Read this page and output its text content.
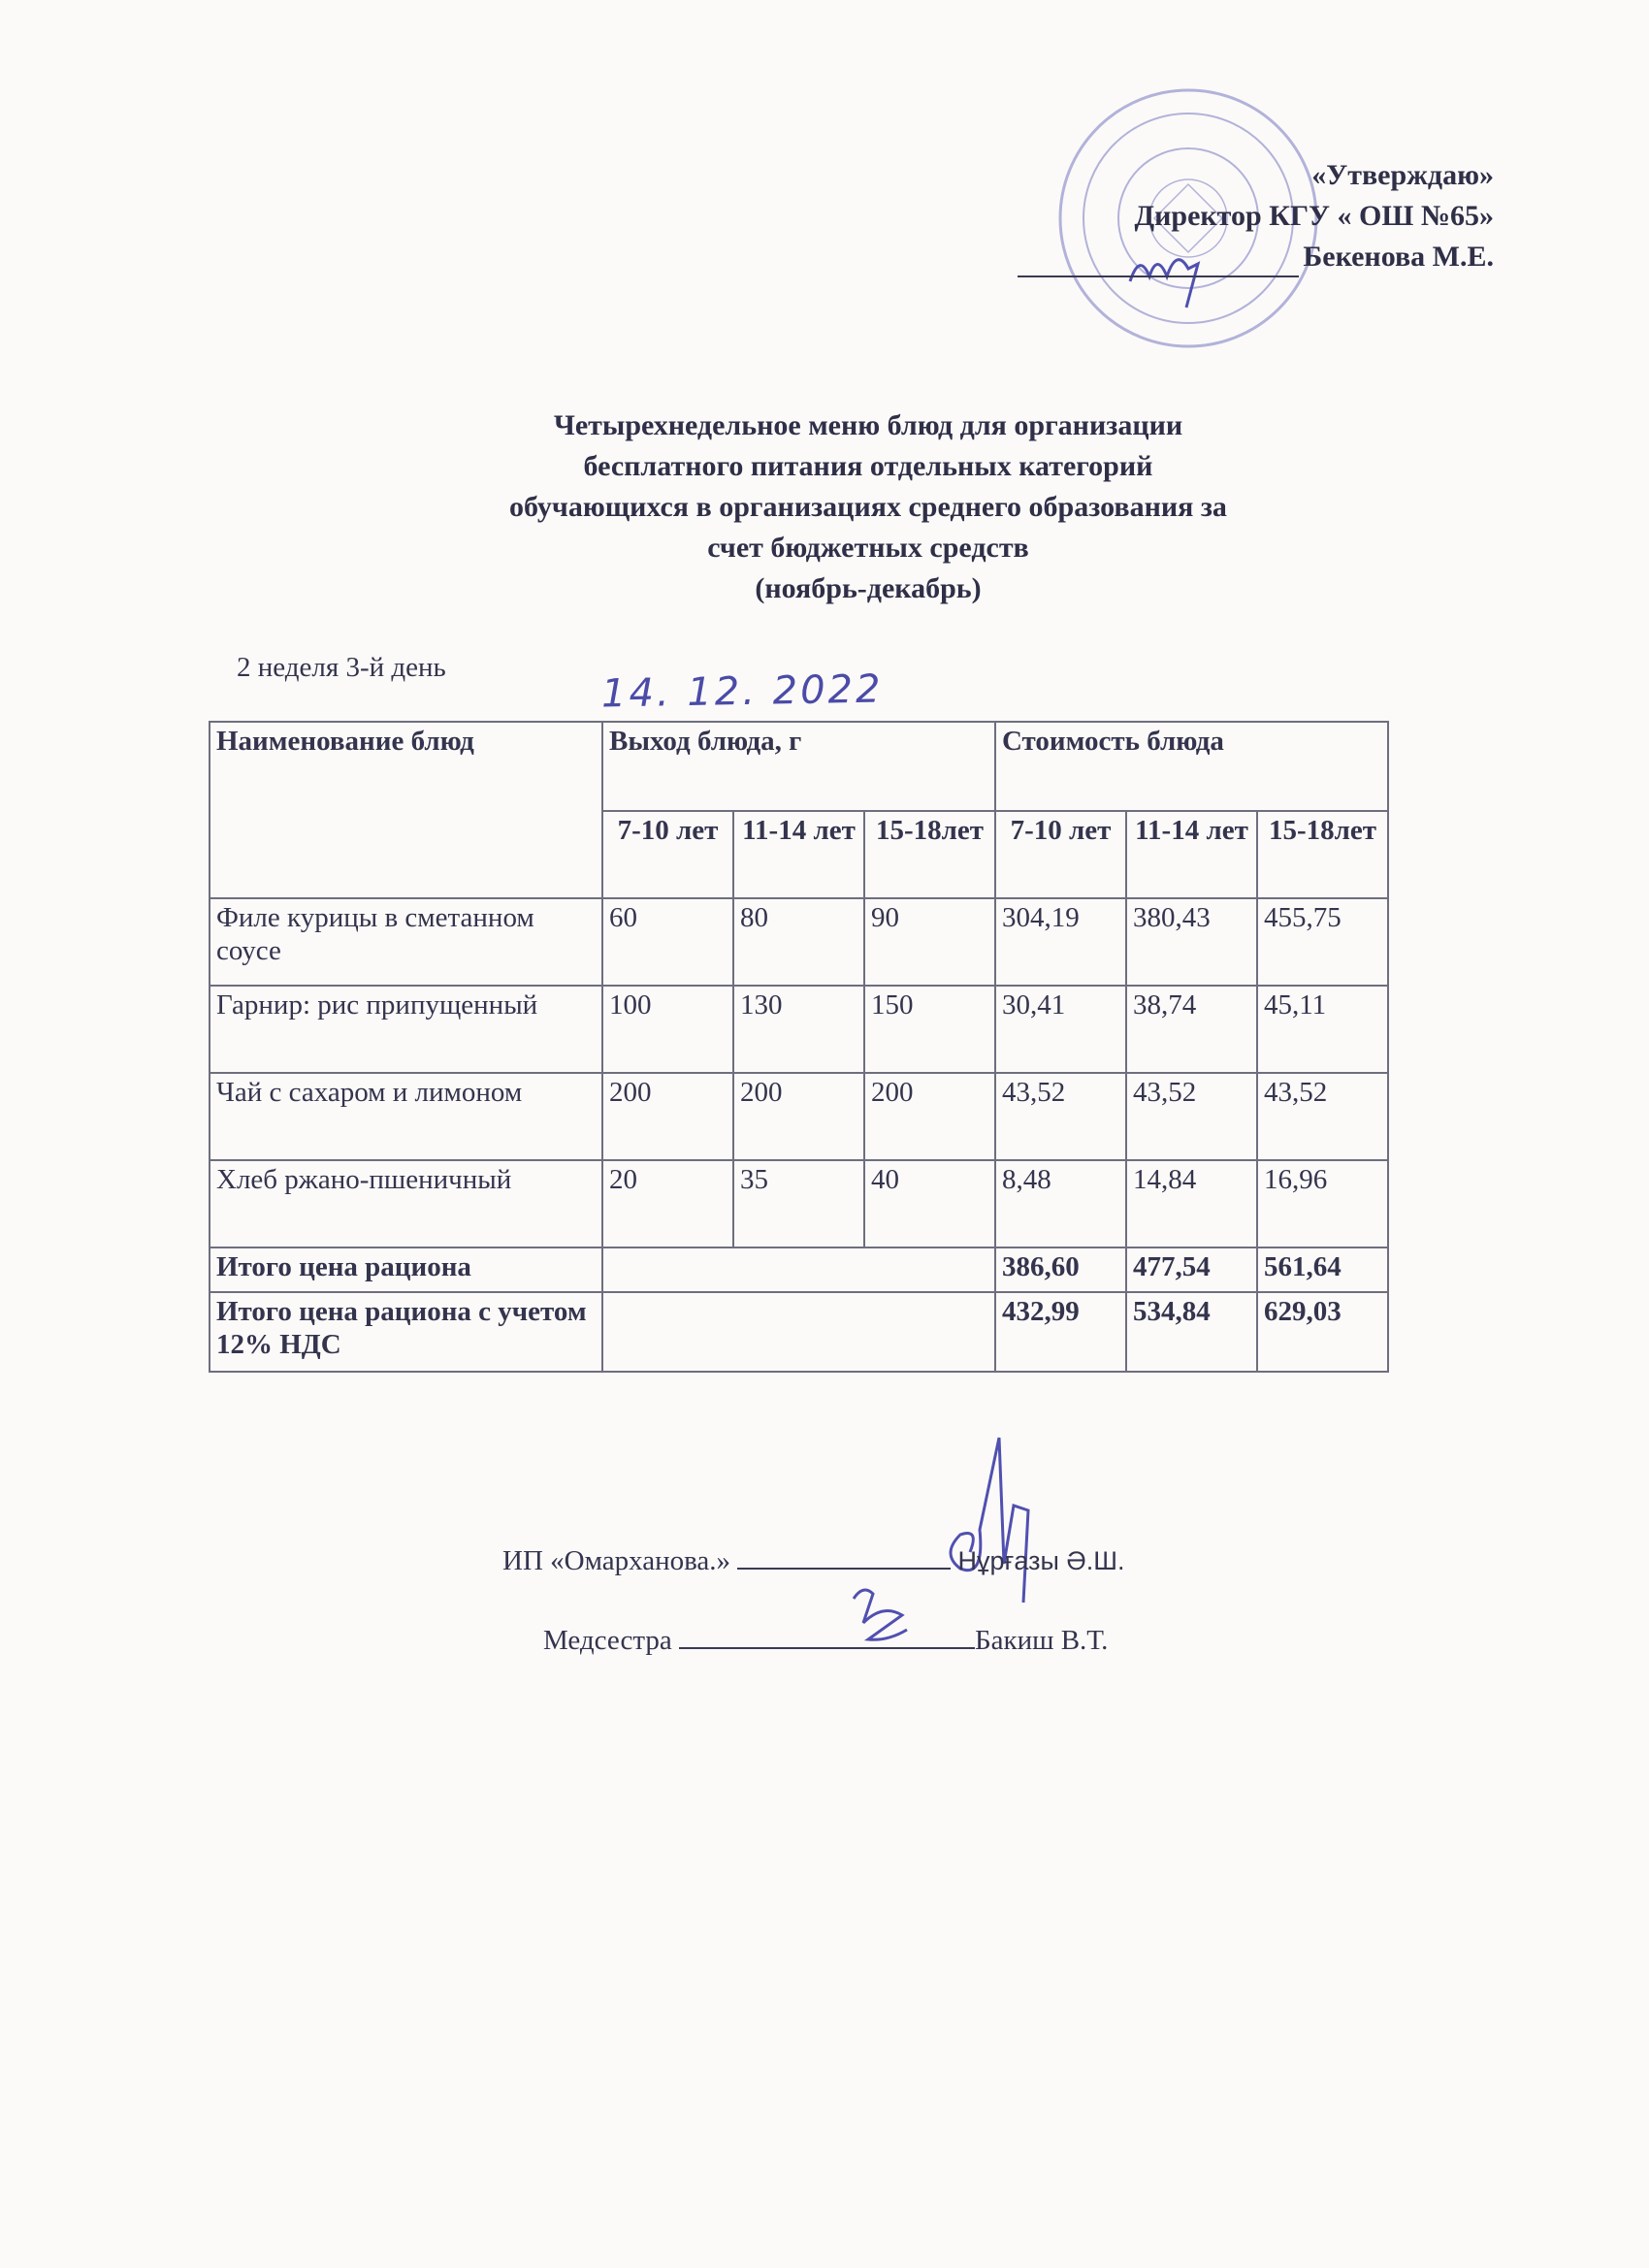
«Утверждаю»
Директор КГУ « ОШ №65»
Бекенова М.Е.
Четырехнедельное меню блюд для организации
бесплатного питания отдельных категорий
обучающихся в организациях среднего образования за
счет бюджетных средств
(ноябрь-декабрь)
2 неделя 3-й день	14. 12. 2022
Наименование блюд	Выход блюда, г			Стоимость блюда		
	7-10 лет	11-14 лет	15-18лет	7-10 лет	11-14 лет	15-18лет
Филе курицы в сметанном соусе	60	80	90	304,19	380,43	455,75
Гарнир: рис припущенный	100	130	150	30,41	38,74	45,11
Чай с сахаром и лимоном	200	200	200	43,52	43,52	43,52
Хлеб ржано-пшеничный	20	35	40	8,48	14,84	16,96
Итого цена рациона				386,60	477,54	561,64
Итого цена рациона с учетом 12% НДС				432,99	534,84	629,03
ИП «Омарханова.»	Нұрғазы Ә.Ш.
Медсестра	Бакиш В.Т.
